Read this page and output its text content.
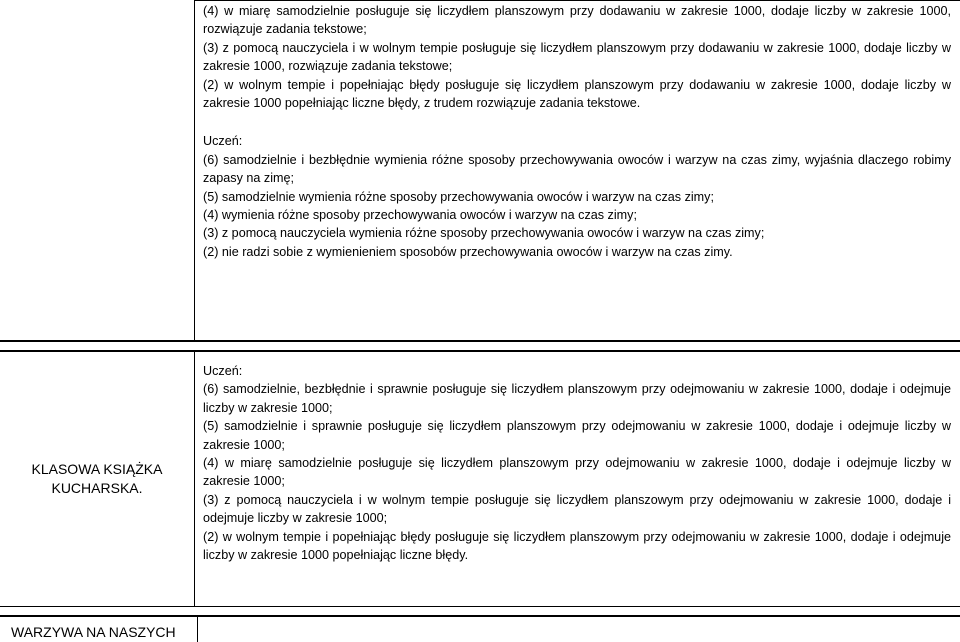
(4) w miarę samodzielnie posługuje się liczydłem planszowym przy dodawaniu w zakresie 1000, dodaje liczby w zakresie 1000, rozwiązuje zadania tekstowe;

(3) z pomocą nauczyciela i w wolnym tempie posługuje się liczydłem planszowym przy dodawaniu w zakresie 1000, dodaje liczby w zakresie 1000, rozwiązuje zadania tekstowe;

(2) w wolnym tempie i popełniając błędy posługuje się liczydłem planszowym przy dodawaniu w zakresie 1000, dodaje liczby w zakresie 1000 popełniając liczne błędy, z trudem rozwiązuje zadania tekstowe.

Uczeń:

(6) samodzielnie i bezbłędnie wymienia różne sposoby przechowywania owoców i warzyw na czas zimy, wyjaśnia dlaczego robimy zapasy na zimę;

(5) samodzielnie wymienia różne sposoby przechowywania owoców i warzyw na czas zimy;

(4) wymienia różne sposoby przechowywania owoców i warzyw na czas zimy;

(3) z pomocą nauczyciela wymienia różne sposoby przechowywania owoców i warzyw na czas zimy;

(2) nie radzi sobie z wymienieniem sposobów przechowywania owoców i warzyw na czas zimy.

KLASOWA KSIĄŻKA KUCHARSKA.

Uczeń:

(6) samodzielnie, bezbłędnie i sprawnie posługuje się liczydłem planszowym przy odejmowaniu w zakresie 1000, dodaje i odejmuje liczby w zakresie 1000;

(5) samodzielnie i sprawnie posługuje się liczydłem planszowym przy odejmowaniu w zakresie 1000, dodaje i odejmuje liczby w zakresie 1000;

(4) w miarę samodzielnie posługuje się liczydłem planszowym przy odejmowaniu w zakresie 1000, dodaje i odejmuje liczby w zakresie 1000;

(3) z pomocą nauczyciela i w wolnym tempie posługuje się liczydłem planszowym przy odejmowaniu w zakresie 1000, dodaje i odejmuje liczby w zakresie 1000;

(2) w wolnym tempie i popełniając błędy posługuje się liczydłem planszowym przy odejmowaniu w zakresie 1000, dodaje i odejmuje liczby w zakresie 1000 popełniając liczne błędy.

WARZYWA NA NASZYCH
